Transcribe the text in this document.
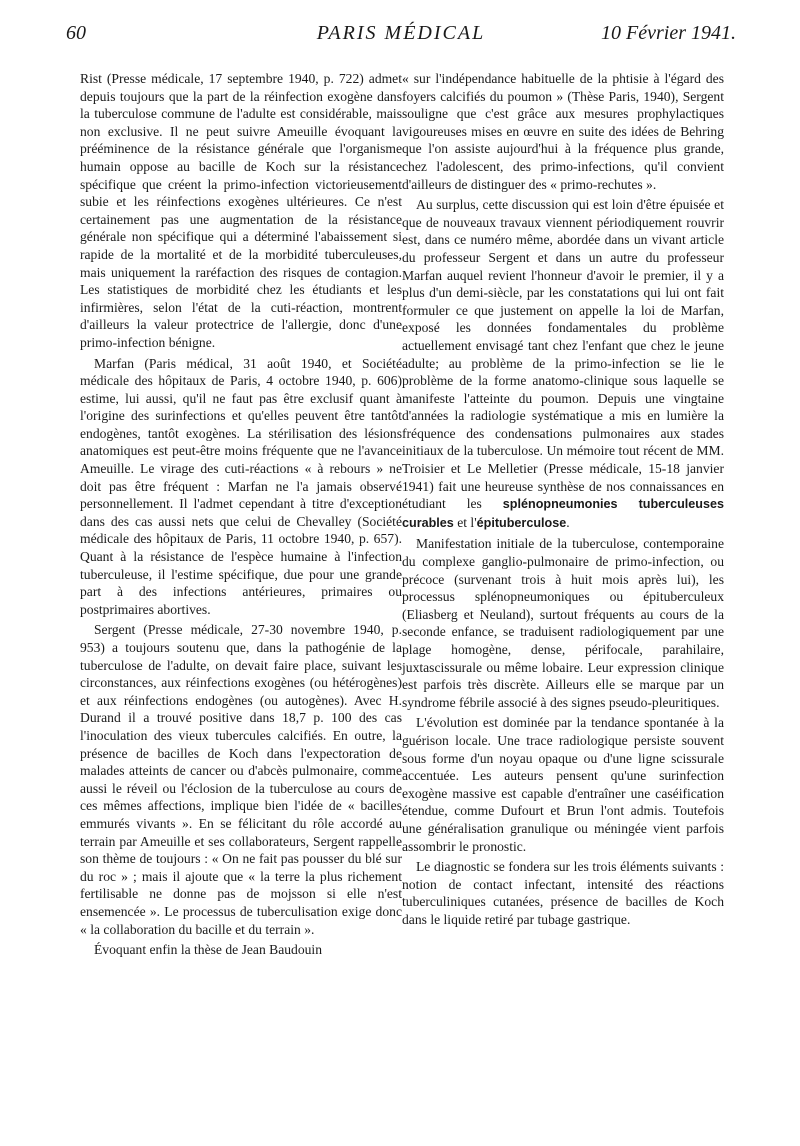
60	PARIS MÉDICAL	10 Février 1941.

Rist (Presse médicale, 17 septembre 1940, p. 722) admet depuis toujours que la part de la réinfection exogène dans la tuberculose commune de l'adulte est considérable, mais non exclusive. Il ne peut suivre Ameuille évoquant la prééminence de la résistance générale que l'organisme humain oppose au bacille de Koch sur la résistance spécifique que créent la primo-infection victorieusement subie et les réinfections exogènes ultérieures. Ce n'est certainement pas une augmentation de la résistance générale non spécifique qui a déterminé l'abaissement si rapide de la mortalité et de la morbidité tuberculeuses, mais uniquement la raréfaction des risques de contagion. Les statistiques de morbidité chez les étudiants et les infirmières, selon l'état de la cuti-réaction, montrent d'ailleurs la valeur protectrice de l'allergie, donc d'une primo-infection bénigne.

Marfan (Paris médical, 31 août 1940, et Société médicale des hôpitaux de Paris, 4 octobre 1940, p. 606) estime, lui aussi, qu'il ne faut pas être exclusif quant à l'origine des surinfections et qu'elles peuvent être tantôt endogènes, tantôt exogènes. La stérilisation des lésions anatomiques est peut-être moins fréquente que ne l'avance Ameuille. Le virage des cuti-réactions « à rebours » ne doit pas être fréquent : Marfan ne l'a jamais observé personnellement. Il l'admet cependant à titre d'exception dans des cas aussi nets que celui de Chevalley (Société médicale des hôpitaux de Paris, 11 octobre 1940, p. 657). Quant à la résistance de l'espèce humaine à l'infection tuberculeuse, il l'estime spécifique, due pour une grande part à des infections antérieures, primaires ou postprimaires abortives.

Sergent (Presse médicale, 27-30 novembre 1940, p. 953) a toujours soutenu que, dans la pathogénie de la tuberculose de l'adulte, on devait faire place, suivant les circonstances, aux réinfections exogènes (ou hétérogènes) et aux réinfections endogènes (ou autogènes). Avec H. Durand il a trouvé positive dans 18,7 p. 100 des cas l'inoculation des vieux tubercules calcifiés. En outre, la présence de bacilles de Koch dans l'expectoration de malades atteints de cancer ou d'abcès pulmonaire, comme aussi le réveil ou l'éclosion de la tuberculose au cours de ces mêmes affections, implique bien l'idée de « bacilles emmurés vivants ». En se félicitant du rôle accordé au terrain par Ameuille et ses collaborateurs, Sergent rappelle son thème de toujours : « On ne fait pas pousser du blé sur du roc » ; mais il ajoute que « la terre la plus richement fertilisable ne donne pas de mojsson si elle n'est ensemencée ». Le processus de tuberculisation exige donc « la collaboration du bacille et du terrain ».

Évoquant enfin la thèse de Jean Baudouin

« sur l'indépendance habituelle de la phtisie à l'égard des foyers calcifiés du poumon » (Thèse Paris, 1940), Sergent souligne que c'est grâce aux mesures prophylactiques vigoureuses mises en œuvre en suite des idées de Behring que l'on assiste aujourd'hui à la fréquence plus grande, chez l'adolescent, des primo-infections, qu'il convient d'ailleurs de distinguer des « primo-rechutes ».

Au surplus, cette discussion qui est loin d'être épuisée et que de nouveaux travaux viennent périodiquement rouvrir est, dans ce numéro même, abordée dans un vivant article du professeur Sergent et dans un autre du professeur Marfan auquel revient l'honneur d'avoir le premier, il y a plus d'un demi-siècle, par les constatations qui lui ont fait formuler ce que justement on appelle la loi de Marfan, exposé les données fondamentales du problème actuellement envisagé tant chez l'enfant que chez le jeune adulte; au problème de la primo-infection se lie le problème de la forme anatomo-clinique sous laquelle se manifeste l'atteinte du poumon. Depuis une vingtaine d'années la radiologie systématique a mis en lumière la fréquence des condensations pulmonaires aux stades initiaux de la tuberculose. Un mémoire tout récent de MM. Troisier et Le Melletier (Presse médicale, 15-18 janvier 1941) fait une heureuse synthèse de nos connaissances en étudiant les splénopneumonies tuberculeuses curables et l'épituberculose.

Manifestation initiale de la tuberculose, contemporaine du complexe ganglio-pulmonaire de primo-infection, ou précoce (survenant trois à huit mois après lui), les processus splénopneumoniques ou épituberculeux (Eliasberg et Neuland), surtout fréquents au cours de la seconde enfance, se traduisent radiologiquement par une plage homogène, dense, périfocale, parahilaire, juxtascissurale ou même lobaire. Leur expression clinique est parfois très discrète. Ailleurs elle se marque par un syndrome fébrile associé à des signes pseudo-pleuritiques.

L'évolution est dominée par la tendance spontanée à la guérison locale. Une trace radiologique persiste souvent sous forme d'un noyau opaque ou d'une ligne scissurale accentuée. Les auteurs pensent qu'une surinfection exogène massive est capable d'entraîner une caséification étendue, comme Dufourt et Brun l'ont admis. Toutefois une généralisation granulique ou méningée vient parfois assombrir le pronostic.

Le diagnostic se fondera sur les trois éléments suivants : notion de contact infectant, intensité des réactions tuberculiniques cutanées, présence de bacilles de Koch dans le liquide retiré par tubage gastrique.
